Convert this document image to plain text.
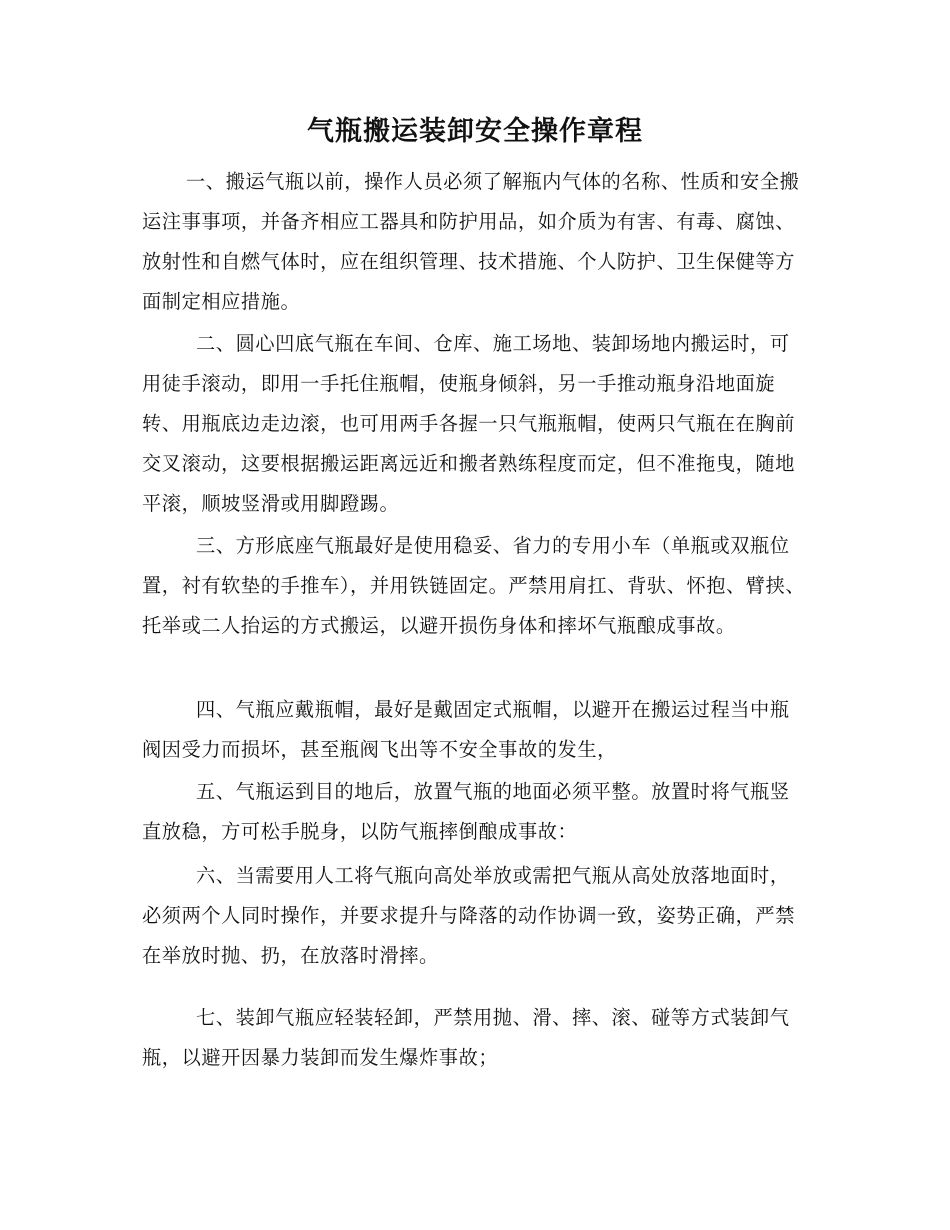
气瓶搬运装卸安全操作章程

一、搬运气瓶以前，操作人员必须了解瓶内气体的名称、性质和安全搬运注事事项，并备齐相应工器具和防护用品，如介质为有害、有毒、腐蚀、放射性和自燃气体时，应在组织管理、技术措施、个人防护、卫生保健等方面制定相应措施。

二、圆心凹底气瓶在车间、仓库、施工场地、装卸场地内搬运时，可用徒手滚动，即用一手托住瓶帽，使瓶身倾斜，另一手推动瓶身沿地面旋转、用瓶底边走边滚，也可用两手各握一只气瓶瓶帽，使两只气瓶在在胸前交叉滚动，这要根据搬运距离远近和搬者熟练程度而定，但不准拖曳，随地平滚，顺坡竖滑或用脚蹬踢。

三、方形底座气瓶最好是使用稳妥、省力的专用小车（单瓶或双瓶位置，衬有软垫的手推车），并用铁链固定。严禁用肩扛、背驮、怀抱、臂挟、托举或二人抬运的方式搬运，以避开损伤身体和摔坏气瓶酿成事故。

四、气瓶应戴瓶帽，最好是戴固定式瓶帽，以避开在搬运过程当中瓶阀因受力而损坏，甚至瓶阀飞出等不安全事故的发生，

五、气瓶运到目的地后，放置气瓶的地面必须平整。放置时将气瓶竖直放稳，方可松手脱身，以防气瓶摔倒酿成事故：

六、当需要用人工将气瓶向高处举放或需把气瓶从高处放落地面时，必须两个人同时操作，并要求提升与降落的动作协调一致，姿势正确，严禁在举放时抛、扔，在放落时滑摔。

七、装卸气瓶应轻装轻卸，严禁用抛、滑、摔、滚、碰等方式装卸气瓶，以避开因暴力装卸而发生爆炸事故；
